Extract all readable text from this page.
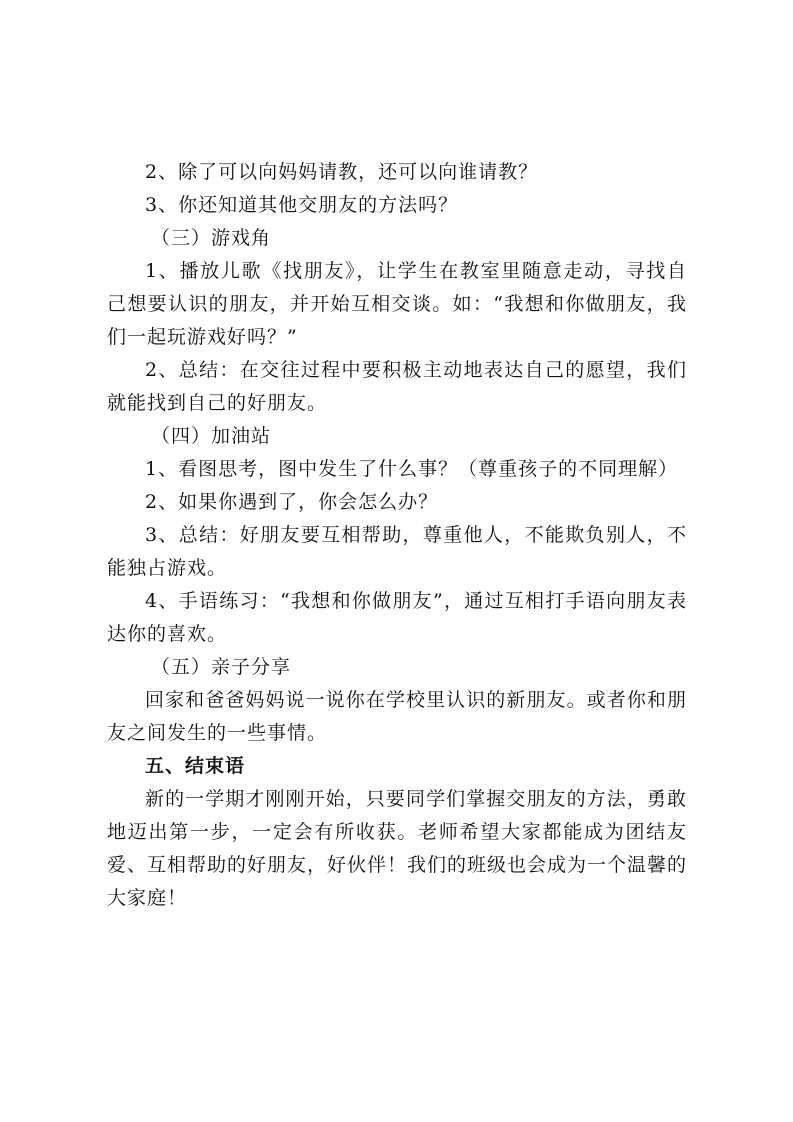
2、除了可以向妈妈请教，还可以向谁请教？

3、你还知道其他交朋友的方法吗？

（三）游戏角

1、播放儿歌《找朋友》，让学生在教室里随意走动，寻找自己想要认识的朋友，并开始互相交谈。如：“我想和你做朋友，我们一起玩游戏好吗？”

2、总结：在交往过程中要积极主动地表达自己的愿望，我们就能找到自己的好朋友。

（四）加油站

1、看图思考，图中发生了什么事？（尊重孩子的不同理解）

2、如果你遇到了，你会怎么办？

3、总结：好朋友要互相帮助，尊重他人，不能欺负别人，不能独占游戏。

4、手语练习：“我想和你做朋友”，通过互相打手语向朋友表达你的喜欢。

（五）亲子分享

回家和爸爸妈妈说一说你在学校里认识的新朋友。或者你和朋友之间发生的一些事情。

五、结束语

新的一学期才刚刚开始，只要同学们掌握交朋友的方法，勇敢地迈出第一步，一定会有所收获。老师希望大家都能成为团结友爱、互相帮助的好朋友，好伙伴！我们的班级也会成为一个温馨的大家庭！
